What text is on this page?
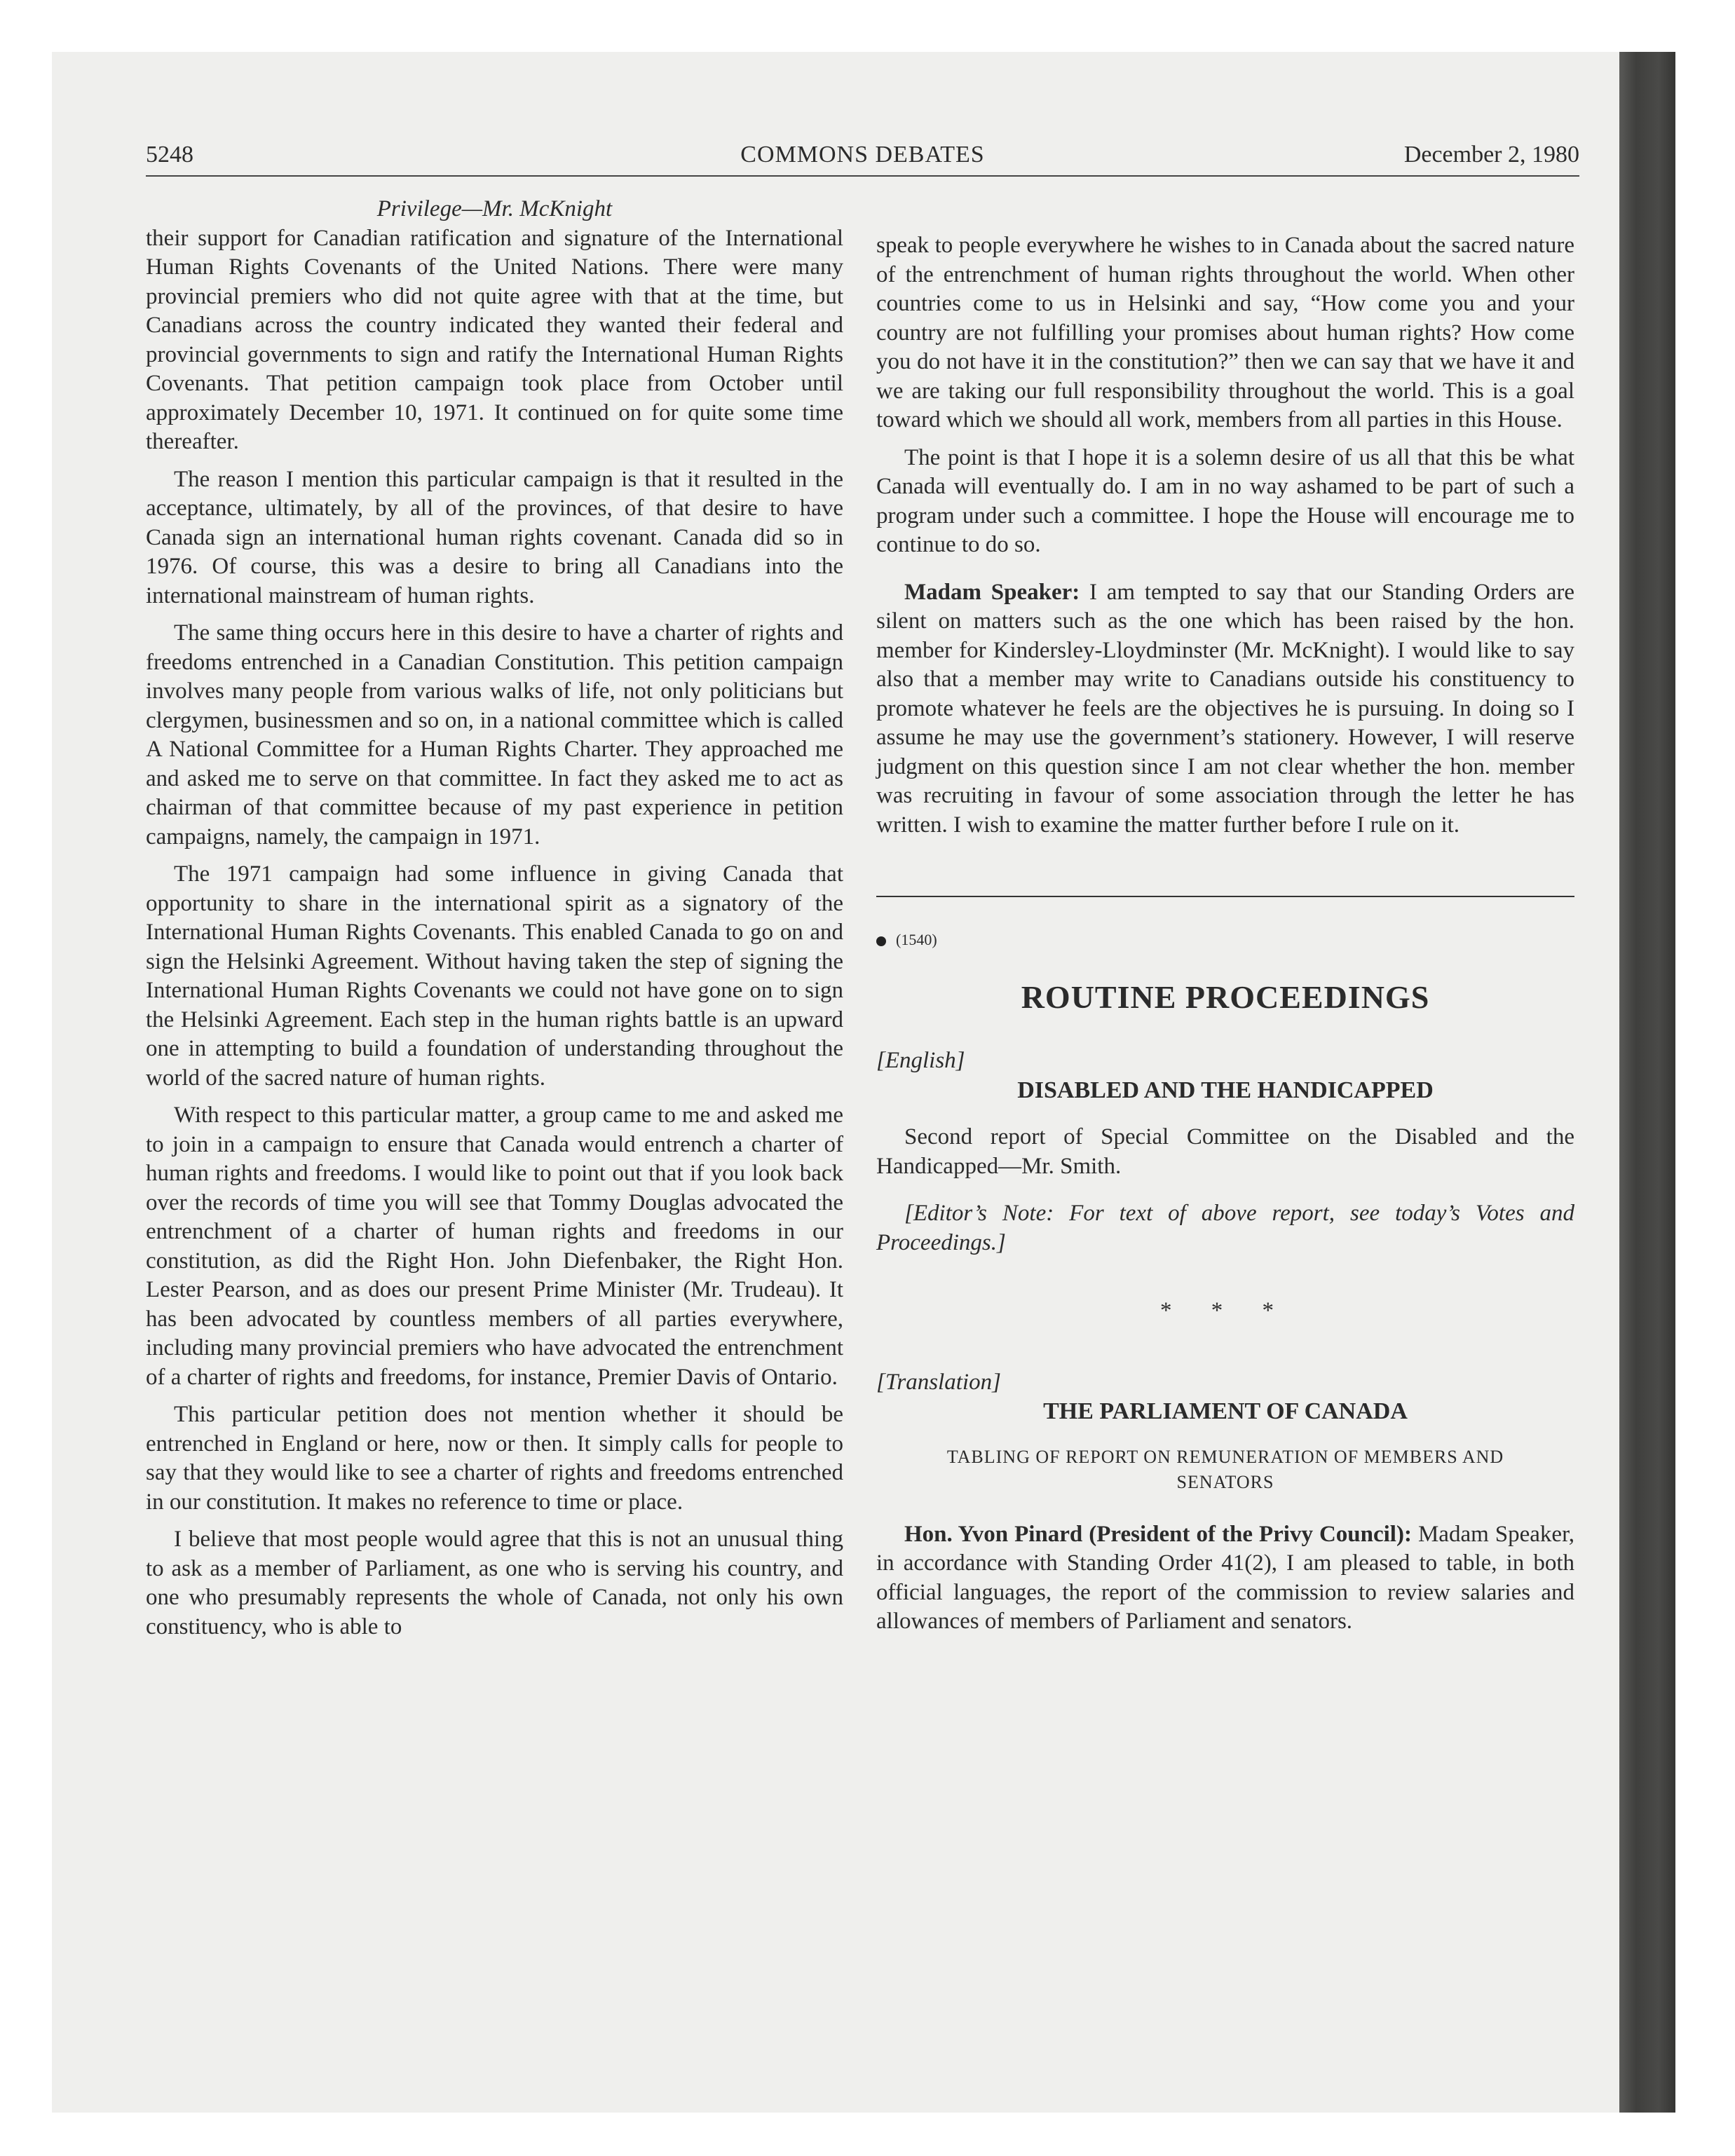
5248	COMMONS DEBATES	December 2, 1980

Privilege—Mr. McKnight

their support for Canadian ratification and signature of the International Human Rights Covenants of the United Nations. There were many provincial premiers who did not quite agree with that at the time, but Canadians across the country indicated they wanted their federal and provincial governments to sign and ratify the International Human Rights Covenants. That petition campaign took place from October until approximately December 10, 1971. It continued on for quite some time thereafter.

The reason I mention this particular campaign is that it resulted in the acceptance, ultimately, by all of the provinces, of that desire to have Canada sign an international human rights covenant. Canada did so in 1976. Of course, this was a desire to bring all Canadians into the international mainstream of human rights.

The same thing occurs here in this desire to have a charter of rights and freedoms entrenched in a Canadian Constitution. This petition campaign involves many people from various walks of life, not only politicians but clergymen, businessmen and so on, in a national committee which is called A National Committee for a Human Rights Charter. They approached me and asked me to serve on that committee. In fact they asked me to act as chairman of that committee because of my past experience in petition campaigns, namely, the campaign in 1971.

The 1971 campaign had some influence in giving Canada that opportunity to share in the international spirit as a signatory of the International Human Rights Covenants. This enabled Canada to go on and sign the Helsinki Agreement. Without having taken the step of signing the International Human Rights Covenants we could not have gone on to sign the Helsinki Agreement. Each step in the human rights battle is an upward one in attempting to build a foundation of understanding throughout the world of the sacred nature of human rights.

With respect to this particular matter, a group came to me and asked me to join in a campaign to ensure that Canada would entrench a charter of human rights and freedoms. I would like to point out that if you look back over the records of time you will see that Tommy Douglas advocated the entrenchment of a charter of human rights and freedoms in our constitution, as did the Right Hon. John Diefenbaker, the Right Hon. Lester Pearson, and as does our present Prime Minister (Mr. Trudeau). It has been advocated by countless members of all parties everywhere, including many provincial premiers who have advocated the entrenchment of a charter of rights and freedoms, for instance, Premier Davis of Ontario.

This particular petition does not mention whether it should be entrenched in England or here, now or then. It simply calls for people to say that they would like to see a charter of rights and freedoms entrenched in our constitution. It makes no reference to time or place.

I believe that most people would agree that this is not an unusual thing to ask as a member of Parliament, as one who is serving his country, and one who presumably represents the whole of Canada, not only his own constituency, who is able to

speak to people everywhere he wishes to in Canada about the sacred nature of the entrenchment of human rights throughout the world. When other countries come to us in Helsinki and say, “How come you and your country are not fulfilling your promises about human rights? How come you do not have it in the constitution?” then we can say that we have it and we are taking our full responsibility throughout the world. This is a goal toward which we should all work, members from all parties in this House.

The point is that I hope it is a solemn desire of us all that this be what Canada will eventually do. I am in no way ashamed to be part of such a program under such a committee. I hope the House will encourage me to continue to do so.

Madam Speaker: I am tempted to say that our Standing Orders are silent on matters such as the one which has been raised by the hon. member for Kindersley-Lloydminster (Mr. McKnight). I would like to say also that a member may write to Canadians outside his constituency to promote whatever he feels are the objectives he is pursuing. In doing so I assume he may use the government’s stationery. However, I will reserve judgment on this question since I am not clear whether the hon. member was recruiting in favour of some association through the letter he has written. I wish to examine the matter further before I rule on it.

(1540)

ROUTINE PROCEEDINGS

[English]

DISABLED AND THE HANDICAPPED

Second report of Special Committee on the Disabled and the Handicapped—Mr. Smith.

[Editor’s Note: For text of above report, see today’s Votes and Proceedings.]

* * *

[Translation]

THE PARLIAMENT OF CANADA

TABLING OF REPORT ON REMUNERATION OF MEMBERS AND SENATORS

Hon. Yvon Pinard (President of the Privy Council): Madam Speaker, in accordance with Standing Order 41(2), I am pleased to table, in both official languages, the report of the commission to review salaries and allowances of members of Parliament and senators.
